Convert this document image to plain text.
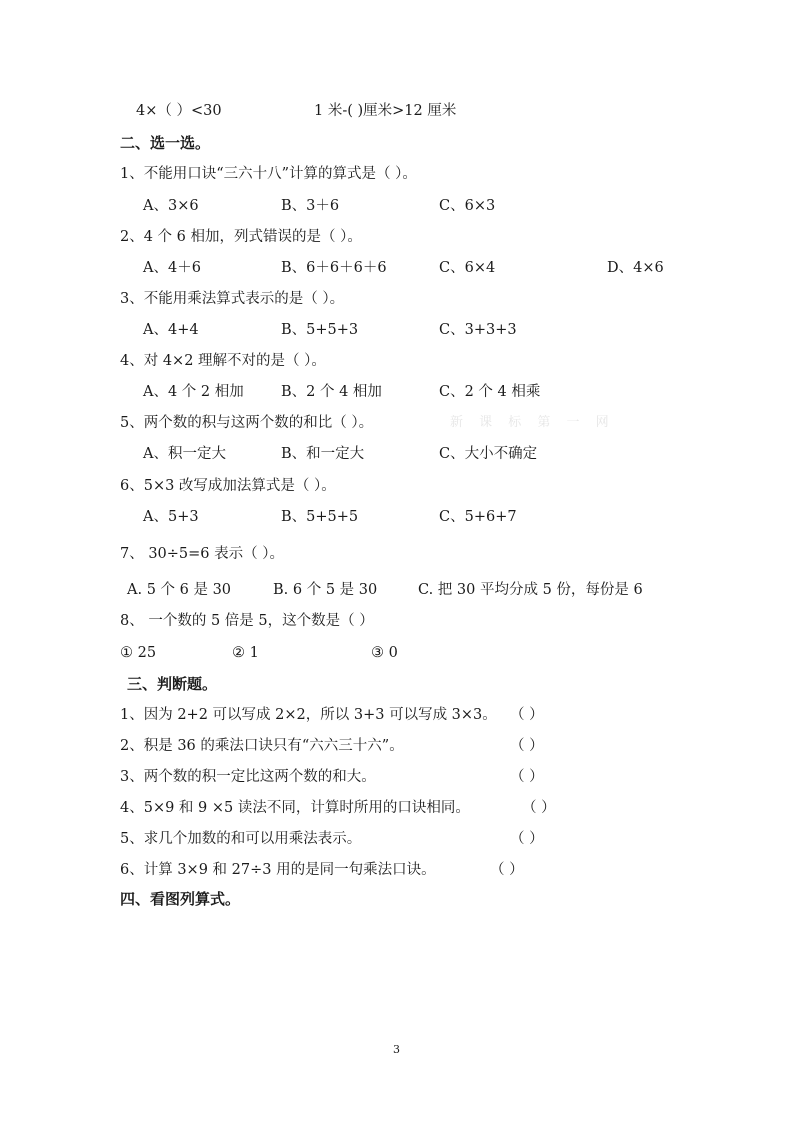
4×（ ）<30	1 米-( )厘米>12 厘米
二、选一选。
1、不能用口诀“三六十八”计算的算式是（ ）。
A、3×6	B、3＋6	C、6×3
2、4 个 6 相加，列式错误的是（ ）。
A、4＋6	B、6＋6＋6＋6	C、6×4	D、4×6
3、不能用乘法算式表示的是（ ）。
A、4+4	B、5+5+3	C、3+3+3
4、对 4×2 理解不对的是（ ）。
A、4 个 2 相加	B、2 个 4 相加	C、2 个 4 相乘
5、两个数的积与这两个数的和比（ ）。	新 课 标 第 一 网
A、积一定大	B、和一定大	C、大小不确定
6、5×3 改写成加法算式是（ ）。
A、5+3	B、5+5+5	C、5+6+7
7、 30÷5=6 表示（ ）。
A. 5 个 6 是 30	B. 6 个 5 是 30	C. 把 30 平均分成 5 份，每份是 6
8、 一个数的 5 倍是 5，这个数是（ ）
① 25	② 1	③ 0
三、判断题。
1、因为 2+2 可以写成 2×2，所以 3+3 可以写成 3×3。 （ ）
2、积是 36 的乘法口诀只有“六六三十六”。	（ ）
3、两个数的积一定比这两个数的和大。	（ ）
4、5×9 和 9 ×5 读法不同，计算时所用的口诀相同。	（ ）
5、求几个加数的和可以用乘法表示。	（ ）
6、计算 3×9 和 27÷3 用的是同一句乘法口诀。	（ ）
四、看图列算式。
3
